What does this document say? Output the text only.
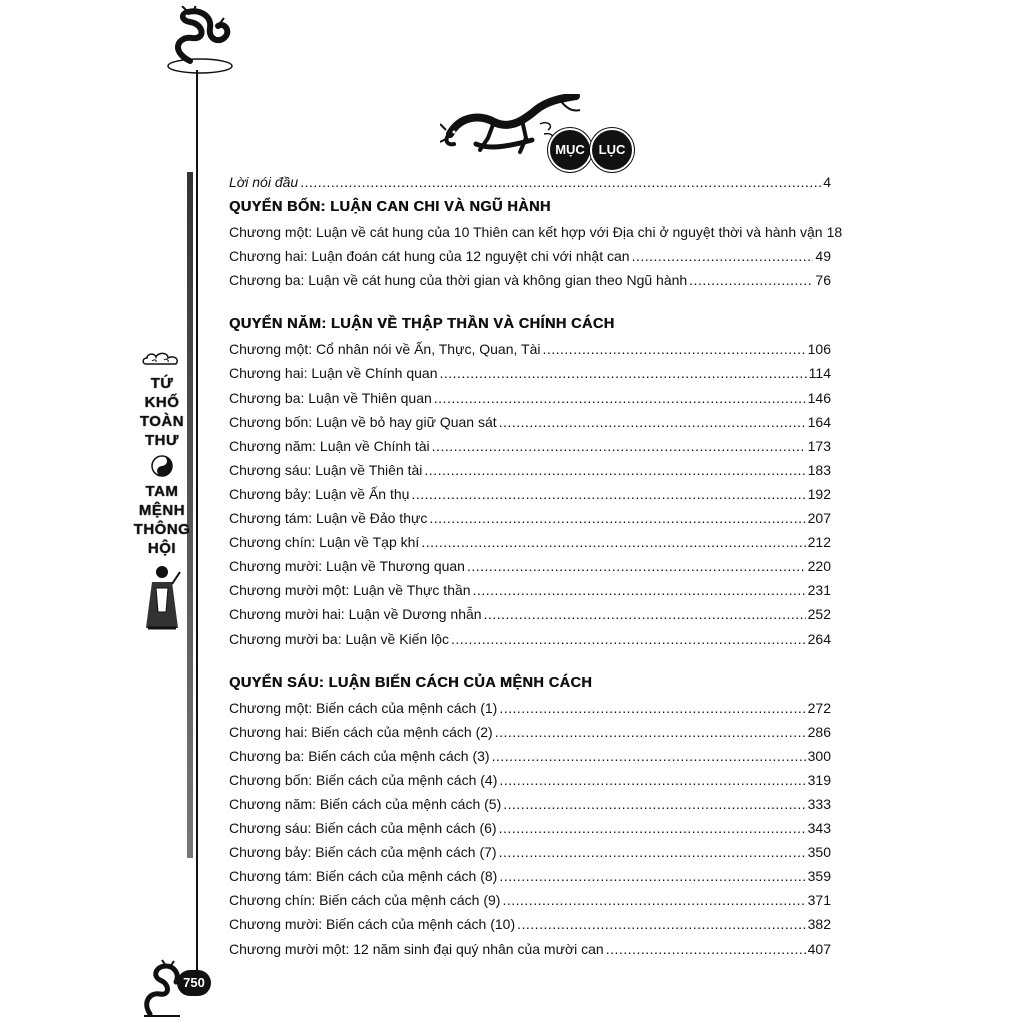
TỨ
KHỐ
TOÀN
THƯ
TAM
MỆNH
THÔNG
HỘI
750
MỤC	LỤC
Lời nói đầu .....	4
QUYỂN BỐN: LUẬN CAN CHI VÀ NGŨ HÀNH
Chương một: Luận về cát hung của 10 Thiên can kết hợp với Địa chi ở nguyệt thời và hành vận 18
Chương hai: Luận đoán cát hung của 12 nguyệt chi với nhật can .....	49
Chương ba: Luận về cát hung của thời gian và không gian theo Ngũ hành .....	76
QUYỂN NĂM: LUẬN VỀ THẬP THẦN VÀ CHÍNH CÁCH
Chương một: Cổ nhân nói về Ấn, Thực, Quan, Tài .....	106
Chương hai: Luận về Chính quan .....	114
Chương ba: Luận về Thiên quan .....	146
Chương bốn: Luận về bỏ hay giữ Quan sát .....	164
Chương năm: Luận về Chính tài .....	173
Chương sáu: Luận về Thiên tài .....	183
Chương bảy: Luận về Ấn thụ .....	192
Chương tám: Luận về Đảo thực .....	207
Chương chín: Luận về Tạp khí .....	212
Chương mười: Luận về Thương quan .....	220
Chương mười một: Luận về Thực thần .....	231
Chương mười hai: Luận về Dương nhẫn .....	252
Chương mười ba: Luận về Kiến lộc .....	264
QUYỂN SÁU: LUẬN BIẾN CÁCH CỦA MỆNH CÁCH
Chương một: Biến cách của mệnh cách (1) .....	272
Chương hai: Biến cách của mệnh cách (2) .....	286
Chương ba: Biến cách của mệnh cách (3) .....	300
Chương bốn: Biến cách của mệnh cách (4) .....	319
Chương năm: Biến cách của mệnh cách (5) .....	333
Chương sáu: Biến cách của mệnh cách (6) .....	343
Chương bảy: Biến cách của mệnh cách (7) .....	350
Chương tám: Biến cách của mệnh cách (8) .....	359
Chương chín: Biến cách của mệnh cách (9) .....	371
Chương mười: Biến cách của mệnh cách (10) .....	382
Chương mười một: 12 năm sinh đại quý nhân của mười can .....	407
